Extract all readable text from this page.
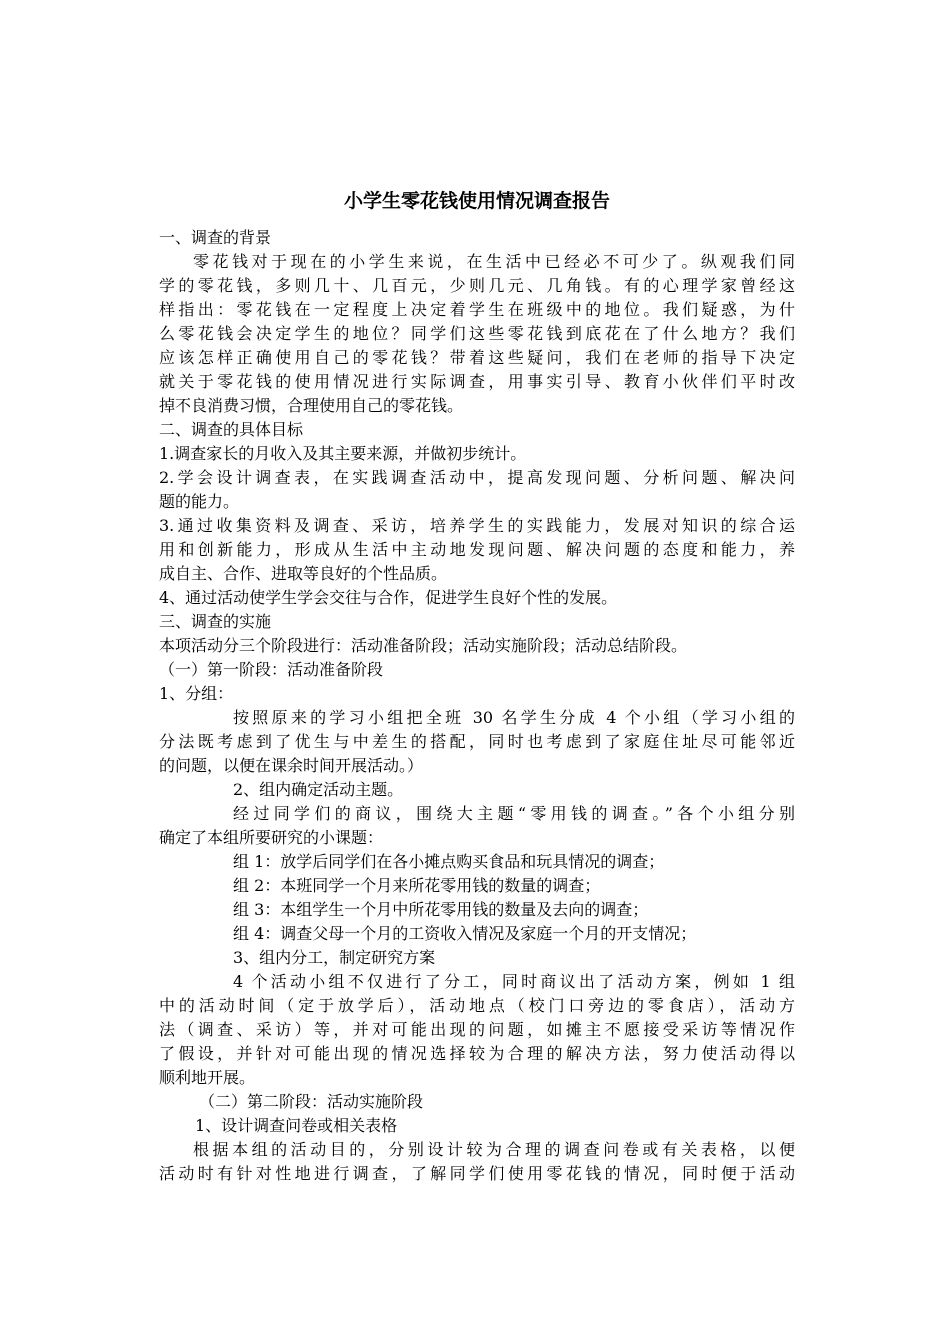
小学生零花钱使用情况调查报告
一、调查的背景
零花钱对于现在的小学生来说，在生活中已经必不可少了。纵观我们同
学的零花钱，多则几十、几百元，少则几元、几角钱。有的心理学家曾经这
样指出：零花钱在一定程度上决定着学生在班级中的地位。我们疑惑，为什
么零花钱会决定学生的地位？同学们这些零花钱到底花在了什么地方？我们
应该怎样正确使用自己的零花钱？带着这些疑问，我们在老师的指导下决定
就关于零花钱的使用情况进行实际调查，用事实引导、教育小伙伴们平时改
掉不良消费习惯，合理使用自己的零花钱。
二、调查的具体目标
1.调查家长的月收入及其主要来源，并做初步统计。
2.学会设计调查表，在实践调查活动中，提高发现问题、分析问题、解决问
题的能力。
3.通过收集资料及调查、采访，培养学生的实践能力，发展对知识的综合运
用和创新能力，形成从生活中主动地发现问题、解决问题的态度和能力，养
成自主、合作、进取等良好的个性品质。
4、通过活动使学生学会交往与合作，促进学生良好个性的发展。
三、调查的实施
本项活动分三个阶段进行：活动准备阶段；活动实施阶段；活动总结阶段。
（一）第一阶段：活动准备阶段
1、分组：
按照原来的学习小组把全班 30 名学生分成 4 个小组（学习小组的
分法既考虑到了优生与中差生的搭配，同时也考虑到了家庭住址尽可能邻近
的问题，以便在课余时间开展活动。）
2、组内确定活动主题。
经过同学们的商议，围绕大主题“零用钱的调查。”各个小组分别
确定了本组所要研究的小课题：
组 1：放学后同学们在各小摊点购买食品和玩具情况的调查；
组 2：本班同学一个月来所花零用钱的数量的调查；
组 3：本组学生一个月中所花零用钱的数量及去向的调查；
组 4：调查父母一个月的工资收入情况及家庭一个月的开支情况；
3、组内分工，制定研究方案
4 个活动小组不仅进行了分工，同时商议出了活动方案，例如 1 组
中的活动时间（定于放学后），活动地点（校门口旁边的零食店），活动方
法（调查、采访）等，并对可能出现的问题，如摊主不愿接受采访等情况作
了假设，并针对可能出现的情况选择较为合理的解决方法，努力使活动得以
顺利地开展。
（二）第二阶段：活动实施阶段
1、设计调查问卷或相关表格
根据本组的活动目的，分别设计较为合理的调查问卷或有关表格，以便
活动时有针对性地进行调查，了解同学们使用零花钱的情况，同时便于活动
